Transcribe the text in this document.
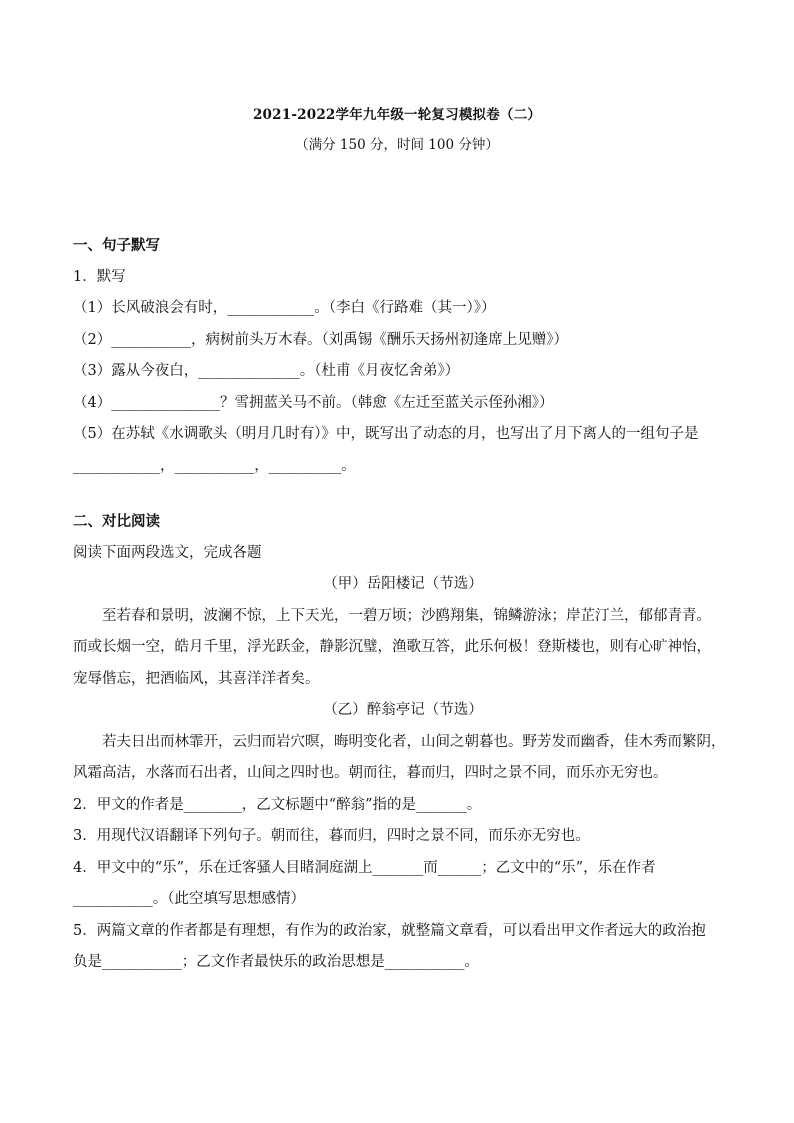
2021-2022学年九年级一轮复习模拟卷（二）
（满分 150 分，时间 100 分钟）
一、句子默写
1．默写
（1）长风破浪会有时，____________。（李白《行路难（其一）》）
（2）___________，病树前头万木春。（刘禹锡《酬乐天扬州初逢席上见赠》）
（3）露从今夜白，______________。（杜甫《月夜忆舍弟》）
（4）_______________？雪拥蓝关马不前。（韩愈《左迁至蓝关示侄孙湘》）
（5）在苏轼《水调歌头（明月几时有）》中，既写出了动态的月，也写出了月下离人的一组句子是
____________，___________，__________。
二、对比阅读
阅读下面两段选文，完成各题
（甲）岳阳楼记（节选）
至若春和景明，波澜不惊，上下天光，一碧万顷；沙鸥翔集，锦鳞游泳；岸芷汀兰，郁郁青青。
而或长烟一空，皓月千里，浮光跃金，静影沉璧，渔歌互答，此乐何极！登斯楼也，则有心旷神怡，
宠辱偕忘，把酒临风，其喜洋洋者矣。
（乙）醉翁亭记（节选）
若夫日出而林霏开，云归而岩穴暝，晦明变化者，山间之朝暮也。野芳发而幽香，佳木秀而繁阴，
风霜高洁，水落而石出者，山间之四时也。朝而往，暮而归，四时之景不同，而乐亦无穷也。
2．甲文的作者是________，乙文标题中“醉翁”指的是_______。
3．用现代汉语翻译下列句子。朝而往，暮而归，四时之景不同，而乐亦无穷也。
4．甲文中的“乐”，乐在迁客骚人目睹洞庭湖上_______而______；乙文中的“乐”，乐在作者
___________。（此空填写思想感情）
5．两篇文章的作者都是有理想，有作为的政治家，就整篇文章看，可以看出甲文作者远大的政治抱
负是___________；乙文作者最快乐的政治思想是___________。
